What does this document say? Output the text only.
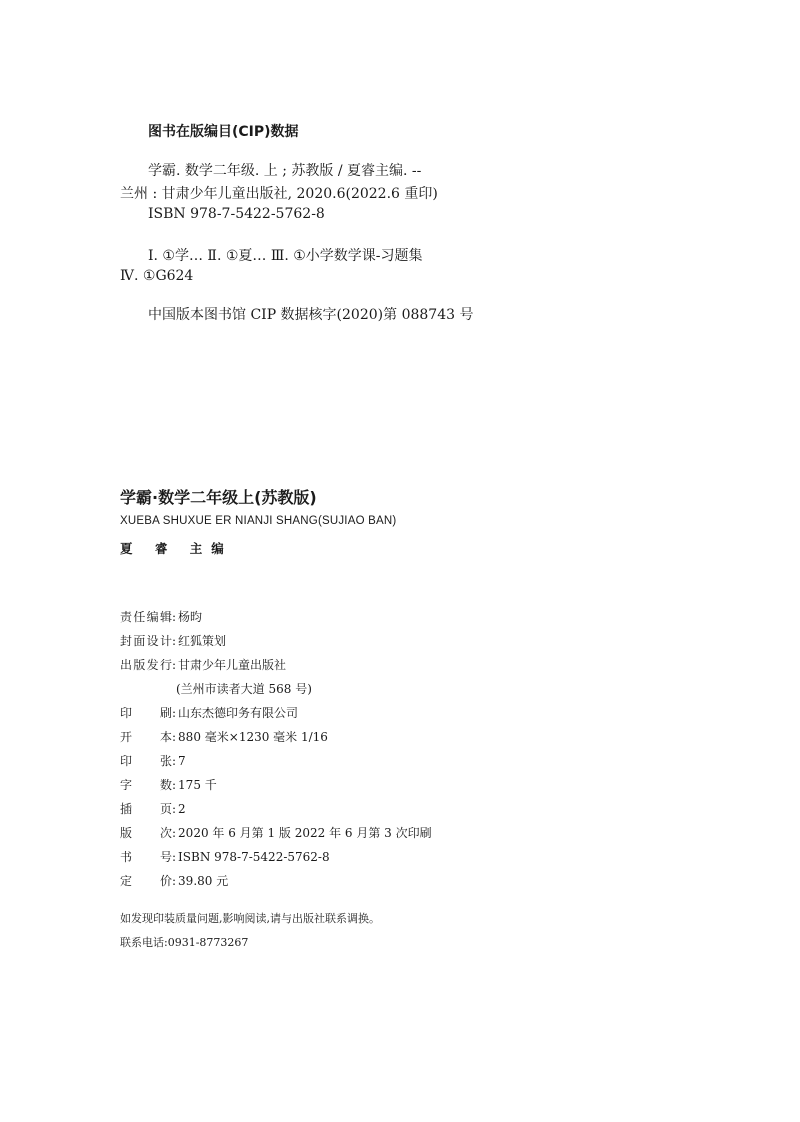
图书在版编目(CIP)数据
学霸. 数学二年级. 上 ; 苏教版 / 夏睿主编. --
兰州 : 甘肃少年儿童出版社, 2020.6(2022.6 重印)
ISBN 978-7-5422-5762-8
Ⅰ. ①学… Ⅱ. ①夏… Ⅲ. ①小学数学课-习题集
Ⅳ. ①G624
中国版本图书馆 CIP 数据核字(2020)第 088743 号
学霸·数学二年级上(苏教版)
XUEBA SHUXUE ER NIANJI SHANG(SUJIAO BAN)
夏 睿 主编
责任编辑: 杨昀
封面设计: 红狐策划
出版发行: 甘肃少年儿童出版社
(兰州市读者大道 568 号)
印刷: 山东杰德印务有限公司
开本: 880 毫米×1230 毫米 1/16
印张: 7
字数: 175 千
插页: 2
版次: 2020 年 6 月第 1 版 2022 年 6 月第 3 次印刷
书号: ISBN 978-7-5422-5762-8
定价: 39.80 元
如发现印装质量问题,影响阅读,请与出版社联系调换。
联系电话:0931-8773267
